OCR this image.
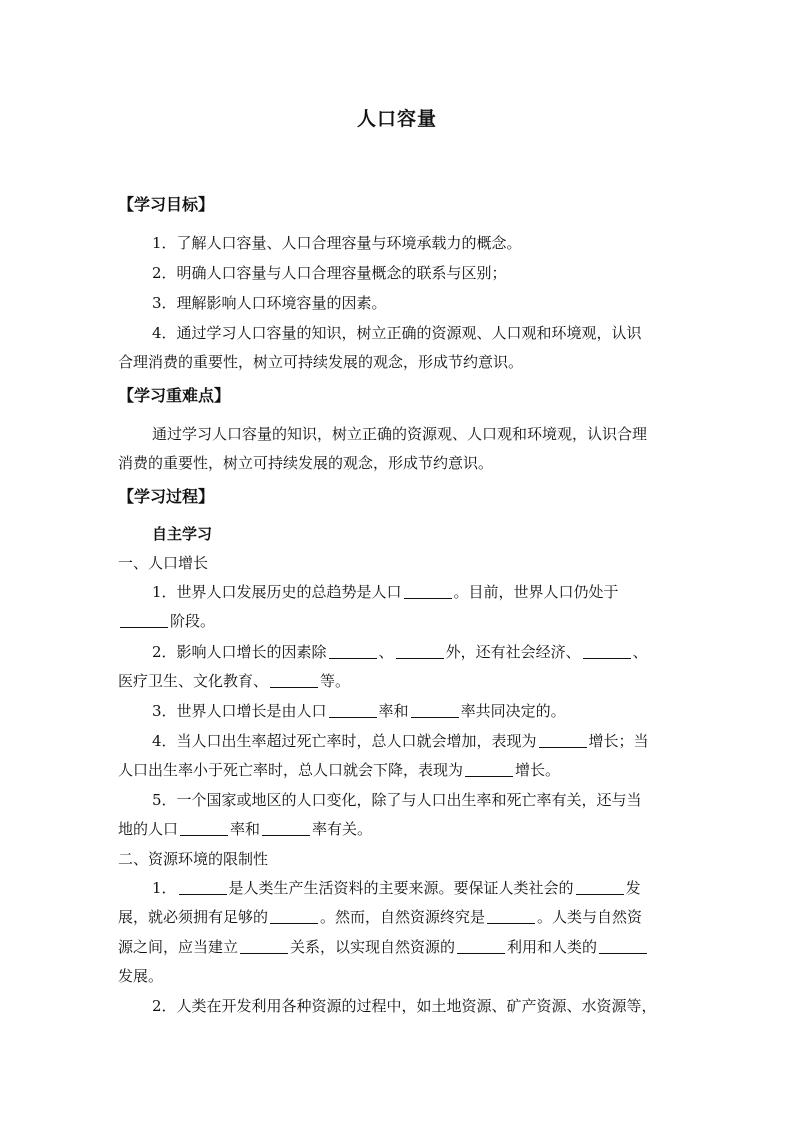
人口容量
【学习目标】
1．了解人口容量、人口合理容量与环境承载力的概念。
2．明确人口容量与人口合理容量概念的联系与区别；
3．理解影响人口环境容量的因素。
4．通过学习人口容量的知识，树立正确的资源观、人口观和环境观，认识
合理消费的重要性，树立可持续发展的观念，形成节约意识。
【学习重难点】
通过学习人口容量的知识，树立正确的资源观、人口观和环境观，认识合理
消费的重要性，树立可持续发展的观念，形成节约意识。
【学习过程】
自主学习
一、人口增长
1．世界人口发展历史的总趋势是人口	。目前，世界人口仍处于
阶段。
2．影响人口增长的因素除	、	外，还有社会经济、	、
医疗卫生、文化教育、	等。
3．世界人口增长是由人口	率和	率共同决定的。
4．当人口出生率超过死亡率时，总人口就会增加，表现为	增长；当
人口出生率小于死亡率时，总人口就会下降，表现为	增长。
5．一个国家或地区的人口变化，除了与人口出生率和死亡率有关，还与当
地的人口	率和	率有关。
二、资源环境的限制性
1．	是人类生产生活资料的主要来源。要保证人类社会的	发
展，就必须拥有足够的	。然而，自然资源终究是	。人类与自然资
源之间，应当建立	关系，以实现自然资源的	利用和人类的
发展。
2．人类在开发利用各种资源的过程中，如土地资源、矿产资源、水资源等，
